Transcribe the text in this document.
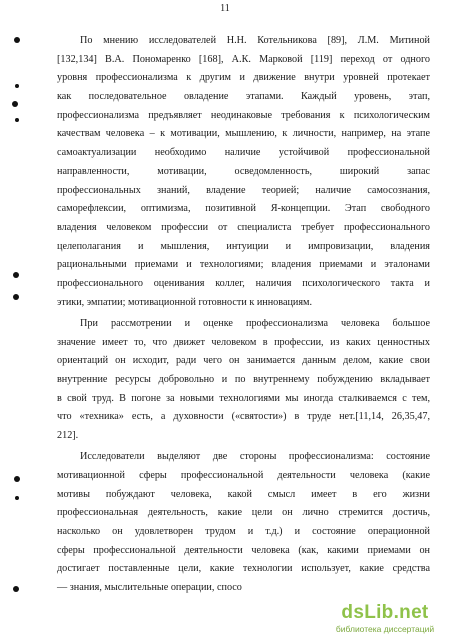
11
По мнению исследователей Н.Н. Котельникова [89], Л.М. Митиной
[132,134] В.А. Пономаренко [168], А.К. Марковой [119] переход от одного
уровня профессионализма к другим и движение внутри уровней протекает
как последовательное овладение этапами. Каждый уровень, этап,
профессионализма предъявляет неодинаковые требования к психологическим
качествам человека – к мотивации, мышлению, к личности, например, на этапе
самоактуализации необходимо наличие устойчивой профессиональной
направленности, мотивации, осведомленность, широкий запас
профессиональных знаний, владение теорией; наличие самосознания,
саморефлексии, оптимизма, позитивной Я-концепции. Этап свободного
владения человеком профессии от специалиста требует профессионального
целеполагания и мышления, интуиции и импровизации, владения
рациональными приемами и технологиями; владения приемами и эталонами
профессионального оценивания коллег, наличия психологического такта и
этики, эмпатии; мотивационной готовности к инновациям.
При рассмотрении и оценке профессионализма человека большое
значение имеет то, что движет человеком в профессии, из каких ценностных
ориентаций он исходит, ради чего он занимается данным делом, какие свои
внутренние ресурсы добровольно и по внутреннему побуждению вкладывает
в свой труд. В погоне за новыми технологиями мы иногда сталкиваемся с тем,
что «техника» есть, а духовности («святости») в труде нет.[11,14, 26,35,47,
212].
Исследователи выделяют две стороны профессионализма: состояние
мотивационной сферы профессиональной деятельности человека (какие
мотивы побуждают человека, какой смысл имеет в его жизни
профессиональная деятельность, какие цели он лично стремится достичь,
насколько он удовлетворен трудом и т.д.) и состояние операционной
сферы профессиональной деятельности человека (как, какими приемами он
достигает поставленные цели, какие технологии использует, какие средства
— знания, мыслительные операции, спосо
dsLib.net
библиотека диссертаций
